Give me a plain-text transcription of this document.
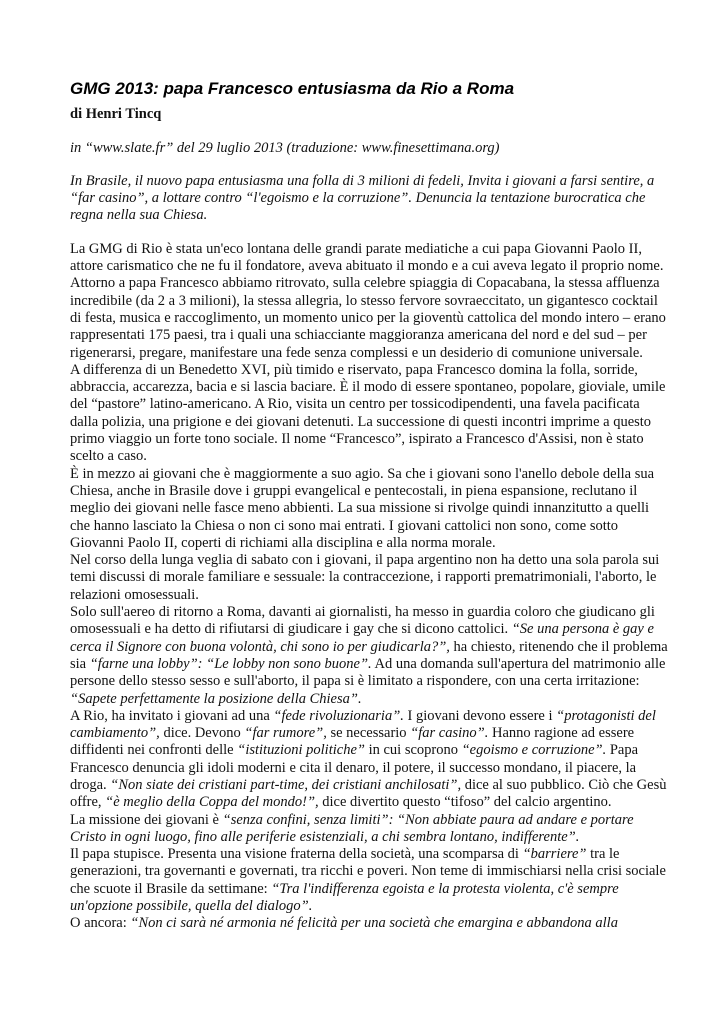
GMG 2013: papa Francesco entusiasma da Rio a Roma

di Henri Tincq

in “www.slate.fr” del 29 luglio 2013 (traduzione: www.finesettimana.org)

In Brasile, il nuovo papa entusiasma una folla di 3 milioni di fedeli, Invita i giovani a farsi sentire, a “far casino”, a lottare contro “l'egoismo e la corruzione”. Denuncia la tentazione burocratica che regna nella sua Chiesa.

La GMG di Rio è stata un'eco lontana delle grandi parate mediatiche a cui papa Giovanni Paolo II, attore carismatico che ne fu il fondatore, aveva abituato il mondo e a cui aveva legato il proprio nome. Attorno a papa Francesco abbiamo ritrovato, sulla celebre spiaggia di Copacabana, la stessa affluenza incredibile (da 2 a 3 milioni), la stessa allegria, lo stesso fervore sovraeccitato, un gigantesco cocktail di festa, musica e raccoglimento, un momento unico per la gioventù cattolica del mondo intero – erano rappresentati 175 paesi, tra i quali una schiacciante maggioranza americana del nord e del sud – per rigenerarsi, pregare, manifestare una fede senza complessi e un desiderio di comunione universale.

A differenza di un Benedetto XVI, più timido e riservato, papa Francesco domina la folla, sorride, abbraccia, accarezza, bacia e si lascia baciare. È il modo di essere spontaneo, popolare, gioviale, umile del “pastore” latino-americano. A Rio, visita un centro per tossicodipendenti, una favela pacificata dalla polizia, una prigione e dei giovani detenuti. La successione di questi incontri imprime a questo primo viaggio un forte tono sociale. Il nome “Francesco”, ispirato a Francesco d'Assisi, non è stato scelto a caso.

È in mezzo ai giovani che è maggiormente a suo agio. Sa che i giovani sono l'anello debole della sua Chiesa, anche in Brasile dove i gruppi evangelical e pentecostali, in piena espansione, reclutano il meglio dei giovani nelle fasce meno abbienti. La sua missione si rivolge quindi innanzitutto a quelli che hanno lasciato la Chiesa o non ci sono mai entrati. I giovani cattolici non sono, come sotto Giovanni Paolo II, coperti di richiami alla disciplina e alla norma morale.

Nel corso della lunga veglia di sabato con i giovani, il papa argentino non ha detto una sola parola sui temi discussi di morale familiare e sessuale: la contraccezione, i rapporti prematrimoniali, l'aborto, le relazioni omosessuali.

Solo sull'aereo di ritorno a Roma, davanti ai giornalisti, ha messo in guardia coloro che giudicano gli omosessuali e ha detto di rifiutarsi di giudicare i gay che si dicono cattolici. “Se una persona è gay e cerca il Signore con buona volontà, chi sono io per giudicarla?”, ha chiesto, ritenendo che il problema sia “farne una lobby”: “Le lobby non sono buone”. Ad una domanda sull'apertura del matrimonio alle persone dello stesso sesso e sull'aborto, il papa si è limitato a rispondere, con una certa irritazione: “Sapete perfettamente la posizione della Chiesa”.

A Rio, ha invitato i giovani ad una “fede rivoluzionaria”. I giovani devono essere i “protagonisti del cambiamento”, dice. Devono “far rumore”, se necessario “far casino”. Hanno ragione ad essere diffidenti nei confronti delle “istituzioni politiche” in cui scoprono “egoismo e corruzione”. Papa Francesco denuncia gli idoli moderni e cita il denaro, il potere, il successo mondano, il piacere, la droga. “Non siate dei cristiani part-time, dei cristiani anchilosati”, dice al suo pubblico. Ciò che Gesù offre, “è meglio della Coppa del mondo!”, dice divertito questo “tifoso” del calcio argentino.

La missione dei giovani è “senza confini, senza limiti”: “Non abbiate paura ad andare e portare Cristo in ogni luogo, fino alle periferie esistenziali, a chi sembra lontano, indifferente”.

Il papa stupisce. Presenta una visione fraterna della società, una scomparsa di “barriere” tra le generazioni, tra governanti e governati, tra ricchi e poveri. Non teme di immischiarsi nella crisi sociale che scuote il Brasile da settimane: “Tra l'indifferenza egoista e la protesta violenta, c'è sempre un'opzione possibile, quella del dialogo”.

O ancora: “Non ci sarà né armonia né felicità per una società che emargina e abbandona alla
